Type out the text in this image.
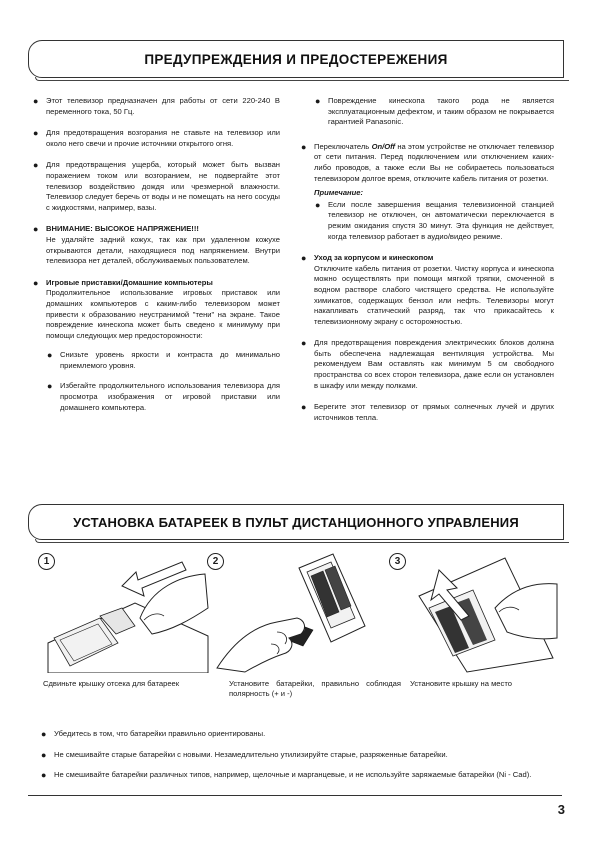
ПРЕДУПРЕЖДЕНИЯ И ПРЕДОСТЕРЕЖЕНИЯ
● Этот телевизор предназначен для работы от сети 220-240 В переменного тока, 50 Гц.
● Для предотвращения возгорания не ставьте на телевизор или около него свечи и прочие источники открытого огня.
● Для предотвращения ущерба, который может быть вызван поражением током или возгоранием, не подвергайте этот телевизор воздействию дождя или чрезмерной влажности. Телевизор следует беречь от воды и не помещать на него сосуды с жидкостями, например, вазы.
● ВНИМАНИЕ: ВЫСОКОЕ НАПРЯЖЕНИЕ!!!
Не удаляйте задний кожух, так как при удаленном кожухе открываются детали, находящиеся под напряжением. Внутри телевизора нет деталей, обслуживаемых пользователем.
● Игровые приставки/Домашние компьютеры
Продолжительное использование игровых приставок или домашних компьютеров с каким-либо телевизором может привести к образованию неустранимой "тени" на экране. Такое повреждение кинескопа может быть сведено к минимуму при помощи следующих мер предосторожности:
● Снизьте уровень яркости и контраста до минимально приемлемого уровня.
● Избегайте продолжительного использования телевизора для просмотра изображения от игровой приставки или домашнего компьютера.
● Повреждение кинескопа такого рода не является эксплуатационным дефектом, и таким образом не покрывается гарантией Panasonic.
● Переключатель On/Off на этом устройстве не отключает телевизор от сети питания. Перед подключением или отключением каких-либо проводов, а также если Вы не собираетесь пользоваться телевизором долгое время, отключите кабель питания от розетки.
Примечание:
● Если после завершения вещания телевизионной станцией телевизор не отключен, он автоматически переключается в режим ожидания спустя 30 минут. Эта функция не действует, когда телевизор работает в аудио/видео режиме.
● Уход за корпусом и кинескопом
Отключите кабель питания от розетки. Чистку корпуса и кинескопа можно осуществлять при помощи мягкой тряпки, смоченной в водном растворе слабого чистящего средства. Не используйте химикатов, содержащих бензол или нефть. Телевизоры могут накапливать статический разряд, так что прикасайтесь к телевизионному экрану с осторожностью.
● Для предотвращения повреждения электрических блоков должна быть обеспечена надлежащая вентиляция устройства. Мы рекомендуем Вам оставлять как минимум 5 см свободного пространства со всех сторон телевизора, даже если он установлен в шкафу или между полками.
● Берегите этот телевизор от прямых солнечных лучей и других источников тепла.
УСТАНОВКА БАТАРЕЕК В ПУЛЬТ ДИСТАНЦИОННОГО УПРАВЛЕНИЯ
1	2	3
Сдвиньте крышку отсека для батареек	Установите батарейки, правильно соблюдая полярность (+ и -)
Установите крышку на место
● Убедитесь в том, что батарейки правильно ориентированы.
● Не смешивайте старые батарейки с новыми. Незамедлительно утилизируйте старые, разряженные батарейки.
● Не смешивайте батарейки различных типов, например, щелочные и марганцевые, и не используйте заряжаемые батарейки (Ni - Cad).
3
